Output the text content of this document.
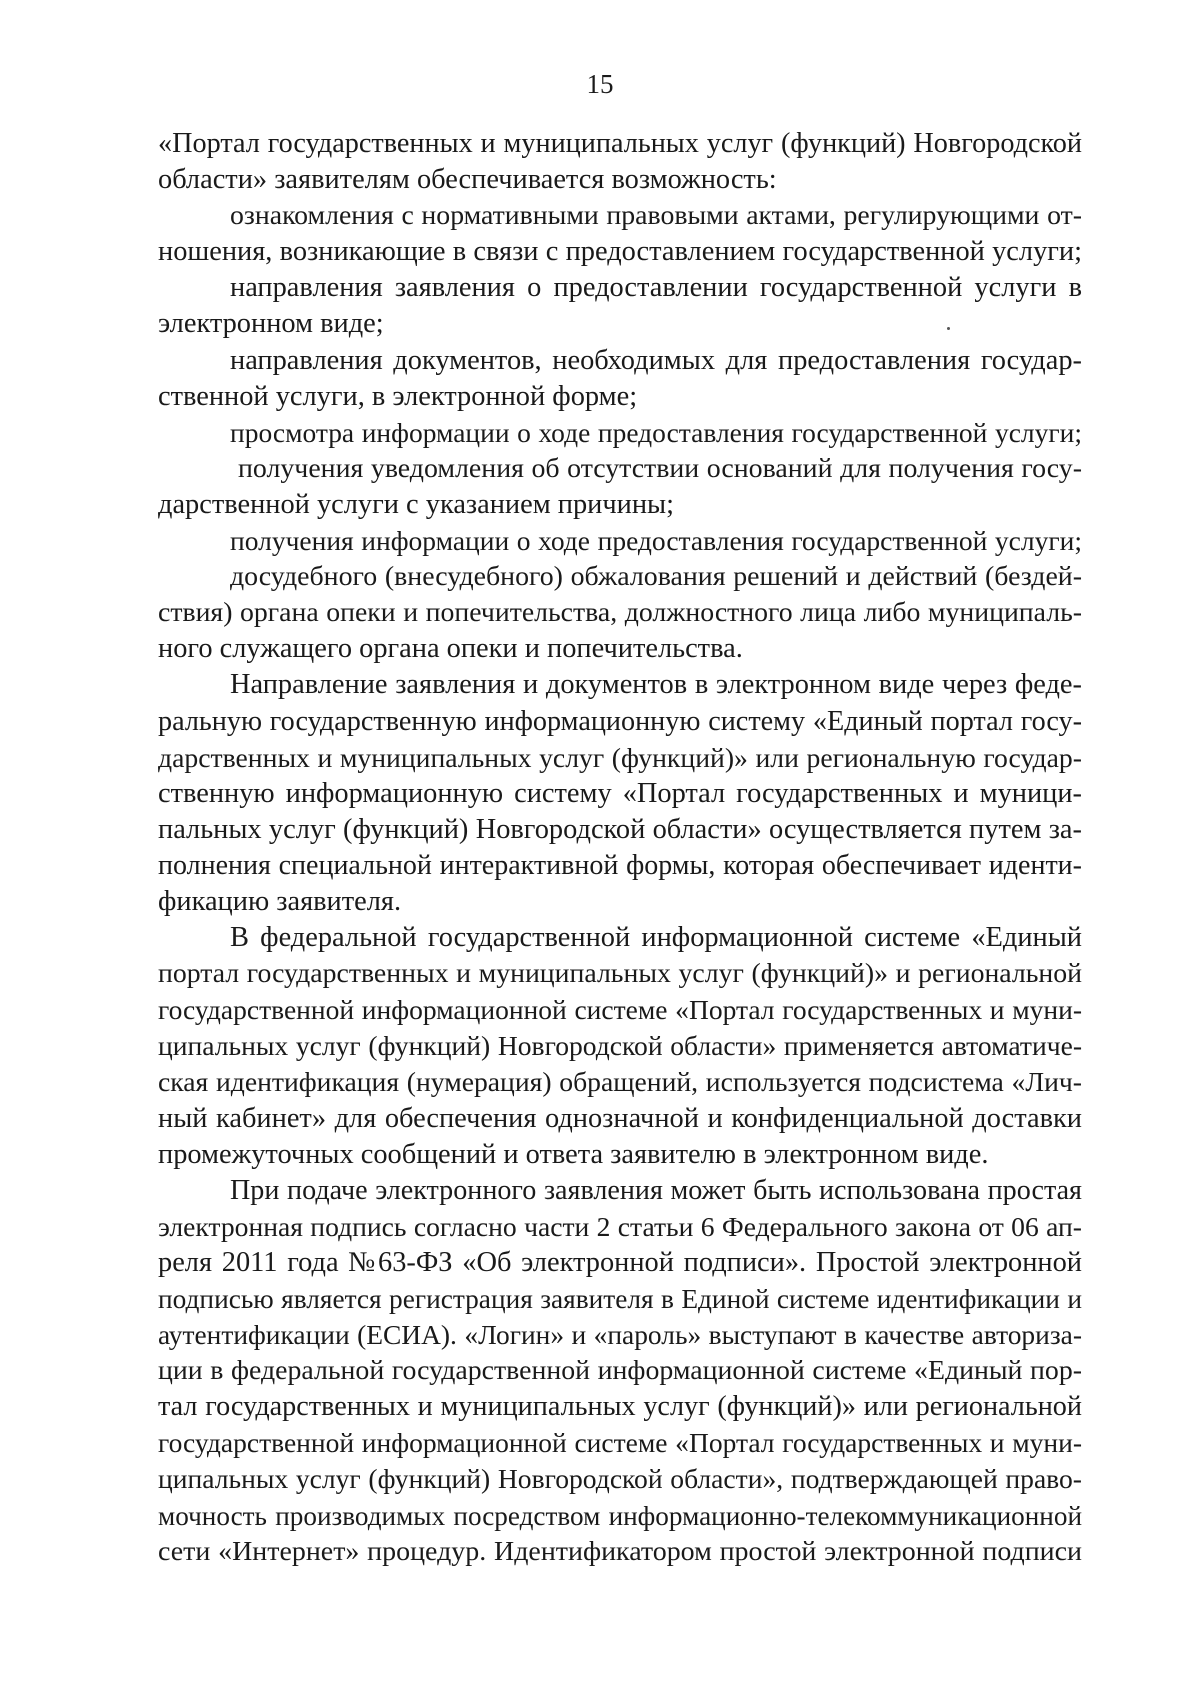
15
«Портал государственных и муниципальных услуг (функций) Новгородской
области» заявителям обеспечивается возможность:
ознакомления с нормативными правовыми актами, регулирующими от-
ношения, возникающие в связи с предоставлением государственной услуги;
направления заявления о предоставлении государственной услуги в
электронном виде;
направления документов, необходимых для предоставления государ-
ственной услуги, в электронной форме;
просмотра информации о ходе предоставления государственной услуги;
получения уведомления об отсутствии оснований для получения госу-
дарственной услуги с указанием причины;
получения информации о ходе предоставления государственной услуги;
досудебного (внесудебного) обжалования решений и действий (бездей-
ствия) органа опеки и попечительства, должностного лица либо муниципаль-
ного служащего органа опеки и попечительства.
Направление заявления и документов в электронном виде через феде-
ральную государственную информационную систему «Единый портал госу-
дарственных и муниципальных услуг (функций)» или региональную государ-
ственную информационную систему «Портал государственных и муници-
пальных услуг (функций) Новгородской области» осуществляется путем за-
полнения специальной интерактивной формы, которая обеспечивает иденти-
фикацию заявителя.
В федеральной государственной информационной системе «Единый
портал государственных и муниципальных услуг (функций)» и региональной
государственной информационной системе «Портал государственных и муни-
ципальных услуг (функций) Новгородской области» применяется автоматиче-
ская идентификация (нумерация) обращений, используется подсистема «Лич-
ный кабинет» для обеспечения однозначной и конфиденциальной доставки
промежуточных сообщений и ответа заявителю в электронном виде.
При подаче электронного заявления может быть использована простая
электронная подпись согласно части 2 статьи 6 Федерального закона от 06 ап-
реля 2011 года №63-ФЗ «Об электронной подписи». Простой электронной
подписью является регистрация заявителя в Единой системе идентификации и
аутентификации (ЕСИА). «Логин» и «пароль» выступают в качестве авториза-
ции в федеральной государственной информационной системе «Единый пор-
тал государственных и муниципальных услуг (функций)» или региональной
государственной информационной системе «Портал государственных и муни-
ципальных услуг (функций) Новгородской области», подтверждающей право-
мочность производимых посредством информационно-телекоммуникационной
сети «Интернет» процедур. Идентификатором простой электронной подписи
